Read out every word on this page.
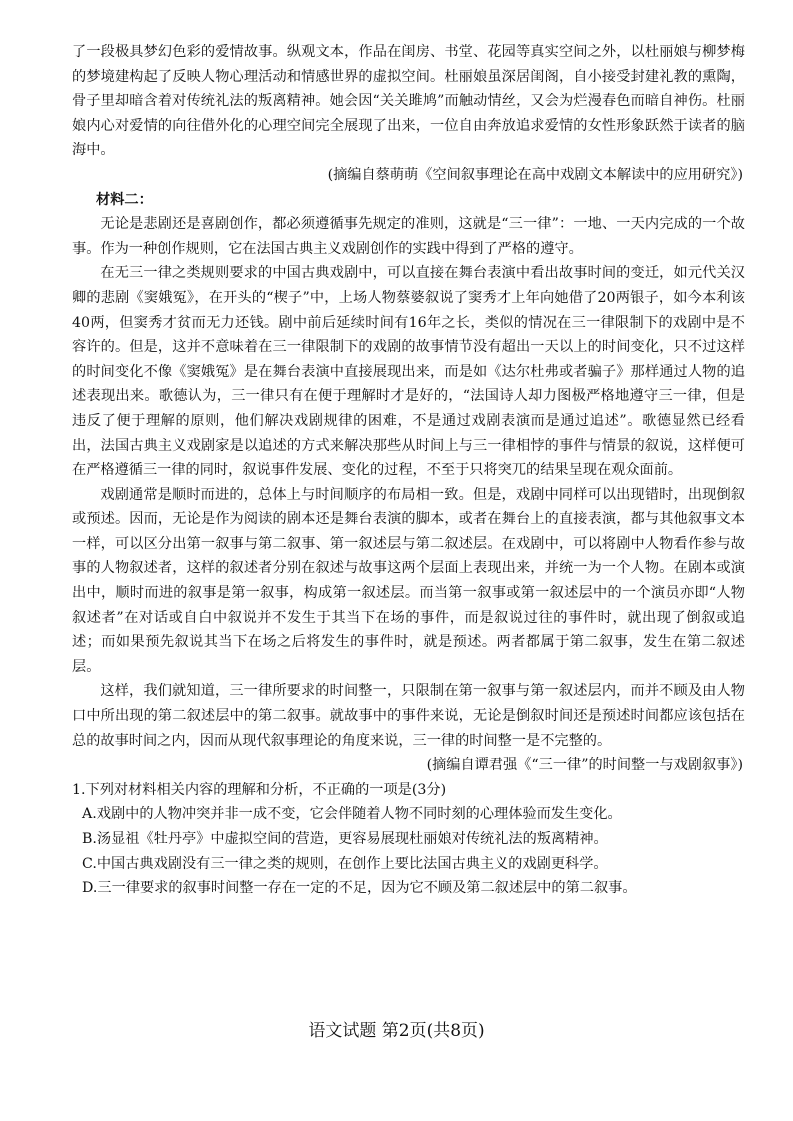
了一段极具梦幻色彩的爱情故事。纵观文本，作品在闺房、书堂、花园等真实空间之外，以杜丽娘与柳梦梅的梦境建构起了反映人物心理活动和情感世界的虚拟空间。杜丽娘虽深居闺阁，自小接受封建礼教的熏陶，骨子里却暗含着对传统礼法的叛离精神。她会因“关关雎鸠”而触动情丝，又会为烂漫春色而暗自神伤。杜丽娘内心对爱情的向往借外化的心理空间完全展现了出来，一位自由奔放追求爱情的女性形象跃然于读者的脑海中。

(摘编自蔡萌萌《空间叙事理论在高中戏剧文本解读中的应用研究》)

材料二：

无论是悲剧还是喜剧创作，都必须遵循事先规定的准则，这就是“三一律”：一地、一天内完成的一个故事。作为一种创作规则，它在法国古典主义戏剧创作的实践中得到了严格的遵守。

在无三一律之类规则要求的中国古典戏剧中，可以直接在舞台表演中看出故事时间的变迁，如元代关汉卿的悲剧《窦娥冤》，在开头的“楔子”中，上场人物蔡婆叙说了窦秀才上年向她借了20两银子，如今本利该40两，但窦秀才贫而无力还钱。剧中前后延续时间有16年之长，类似的情况在三一律限制下的戏剧中是不容许的。但是，这并不意味着在三一律限制下的戏剧的故事情节没有超出一天以上的时间变化，只不过这样的时间变化不像《窦娥冤》是在舞台表演中直接展现出来，而是如《达尔杜弗或者骗子》那样通过人物的追述表现出来。歌德认为，三一律只有在便于理解时才是好的，“法国诗人却力图极严格地遵守三一律，但是违反了便于理解的原则，他们解决戏剧规律的困难，不是通过戏剧表演而是通过追述”。歌德显然已经看出，法国古典主义戏剧家是以追述的方式来解决那些从时间上与三一律相悖的事件与情景的叙说，这样便可在严格遵循三一律的同时，叙说事件发展、变化的过程，不至于只将突兀的结果呈现在观众面前。

戏剧通常是顺时而进的，总体上与时间顺序的布局相一致。但是，戏剧中同样可以出现错时，出现倒叙或预述。因而，无论是作为阅读的剧本还是舞台表演的脚本，或者在舞台上的直接表演，都与其他叙事文本一样，可以区分出第一叙事与第二叙事、第一叙述层与第二叙述层。在戏剧中，可以将剧中人物看作参与故事的人物叙述者，这样的叙述者分别在叙述与故事这两个层面上表现出来，并统一为一个人物。在剧本或演出中，顺时而进的叙事是第一叙事，构成第一叙述层。而当第一叙事或第一叙述层中的一个演员亦即“人物叙述者”在对话或自白中叙说并不发生于其当下在场的事件，而是叙说过往的事件时，就出现了倒叙或追述；而如果预先叙说其当下在场之后将发生的事件时，就是预述。两者都属于第二叙事，发生在第二叙述层。

这样，我们就知道，三一律所要求的时间整一，只限制在第一叙事与第一叙述层内，而并不顾及由人物口中所出现的第二叙述层中的第二叙事。就故事中的事件来说，无论是倒叙时间还是预述时间都应该包括在总的故事时间之内，因而从现代叙事理论的角度来说，三一律的时间整一是不完整的。

(摘编自谭君强《“三一律”的时间整一与戏剧叙事》)

1.下列对材料相关内容的理解和分析，不正确的一项是(3分)

A.戏剧中的人物冲突并非一成不变，它会伴随着人物不同时刻的心理体验而发生变化。

B.汤显祖《牡丹亭》中虚拟空间的营造，更容易展现杜丽娘对传统礼法的叛离精神。

C.中国古典戏剧没有三一律之类的规则，在创作上要比法国古典主义的戏剧更科学。

D.三一律要求的叙事时间整一存在一定的不足，因为它不顾及第二叙述层中的第二叙事。

语文试题 第2页(共8页)
